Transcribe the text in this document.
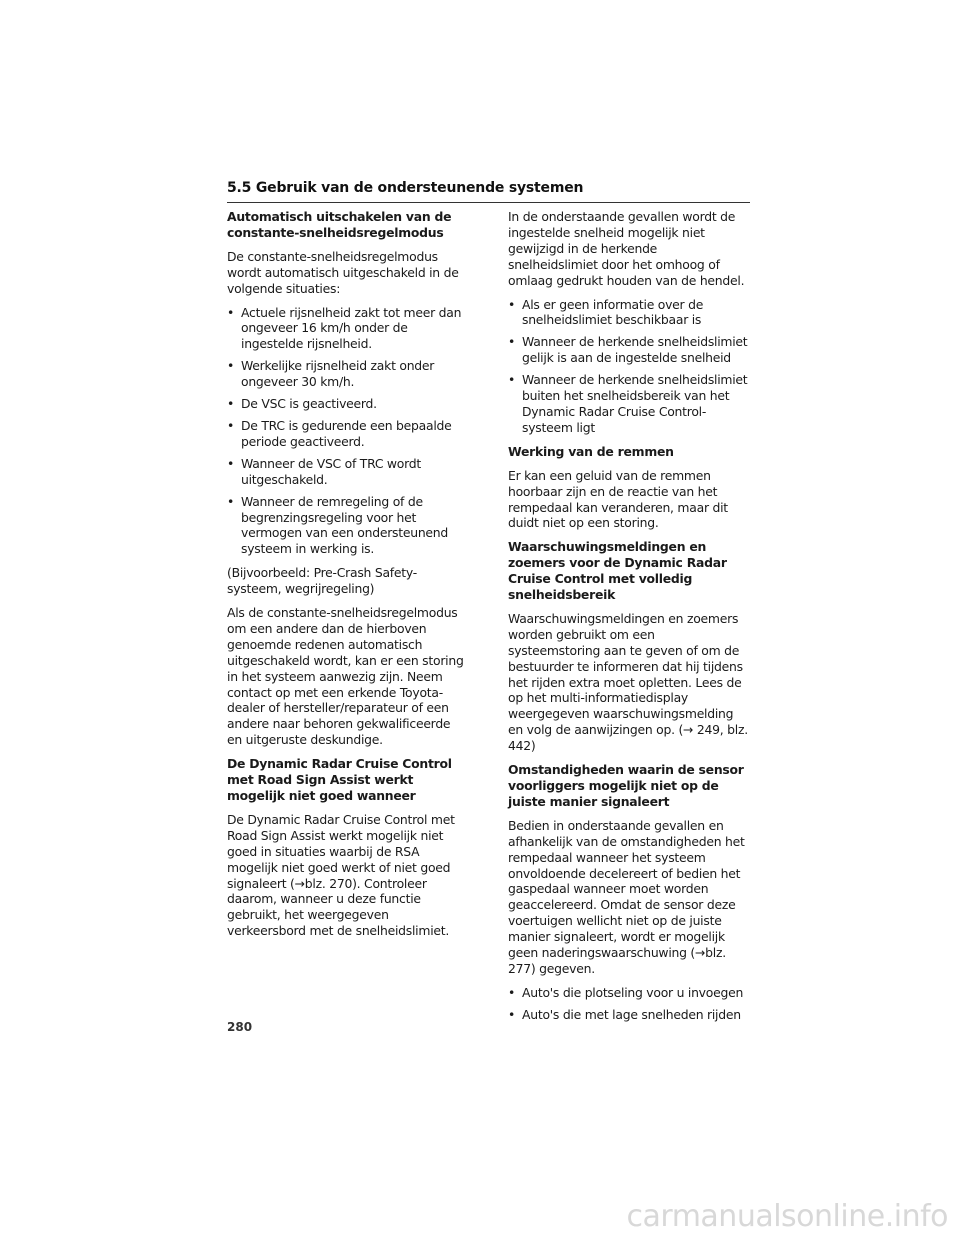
5.5 Gebruik van de ondersteunende systemen
Automatisch uitschakelen van de constante-snelheidsregelmodus

De constante-snelheidsregelmodus wordt automatisch uitgeschakeld in de volgende situaties:

• Actuele rijsnelheid zakt tot meer dan ongeveer 16 km/h onder de ingestelde rijsnelheid.
• Werkelijke rijsnelheid zakt onder ongeveer 30 km/h.
• De VSC is geactiveerd.
• De TRC is gedurende een bepaalde periode geactiveerd.
• Wanneer de VSC of TRC wordt uitgeschakeld.
• Wanneer de remregeling of de begrenzingsregeling voor het vermogen van een ondersteunend systeem in werking is.

(Bijvoorbeeld: Pre-Crash Safety-systeem, wegrijregeling)

Als de constante-snelheidsregelmodus om een andere dan de hierboven genoemde redenen automatisch uitgeschakeld wordt, kan er een storing in het systeem aanwezig zijn. Neem contact op met een erkende Toyota-dealer of hersteller/reparateur of een andere naar behoren gekwalificeerde en uitgeruste deskundige.

De Dynamic Radar Cruise Control met Road Sign Assist werkt mogelijk niet goed wanneer

De Dynamic Radar Cruise Control met Road Sign Assist werkt mogelijk niet goed in situaties waarbij de RSA mogelijk niet goed werkt of niet goed signaleert (→blz. 270). Controleer daarom, wanneer u deze functie gebruikt, het weergegeven verkeersbord met de snelheidslimiet.

In de onderstaande gevallen wordt de ingestelde snelheid mogelijk niet gewijzigd in de herkende snelheidslimiet door het omhoog of omlaag gedrukt houden van de hendel.

• Als er geen informatie over de snelheidslimiet beschikbaar is
• Wanneer de herkende snelheidslimiet gelijk is aan de ingestelde snelheid
• Wanneer de herkende snelheidslimiet buiten het snelheidsbereik van het Dynamic Radar Cruise Control-systeem ligt
Werking van de remmen

Er kan een geluid van de remmen hoorbaar zijn en de reactie van het rempedaal kan veranderen, maar dit duidt niet op een storing.

Waarschuwingsmeldingen en zoemers voor de Dynamic Radar Cruise Control met volledig snelheidsbereik

Waarschuwingsmeldingen en zoemers worden gebruikt om een systeemstoring aan te geven of om de bestuurder te informeren dat hij tijdens het rijden extra moet opletten. Lees de op het multi-informatiedisplay weergegeven waarschuwingsmelding en volg de aanwijzingen op. (→ 249, blz. 442)

Omstandigheden waarin de sensor voorliggers mogelijk niet op de juiste manier signaleert

Bedien in onderstaande gevallen en afhankelijk van de omstandigheden het rempedaal wanneer het systeem onvoldoende decelereert of bedien het gaspedaal wanneer moet worden geaccelereerd. Omdat de sensor deze voertuigen wellicht niet op de juiste manier signaleert, wordt er mogelijk geen naderingswaarschuwing (→blz. 277) gegeven.

• Auto's die plotseling voor u invoegen
• Auto's die met lage snelheden rijden
280
carmanualsonline.info
